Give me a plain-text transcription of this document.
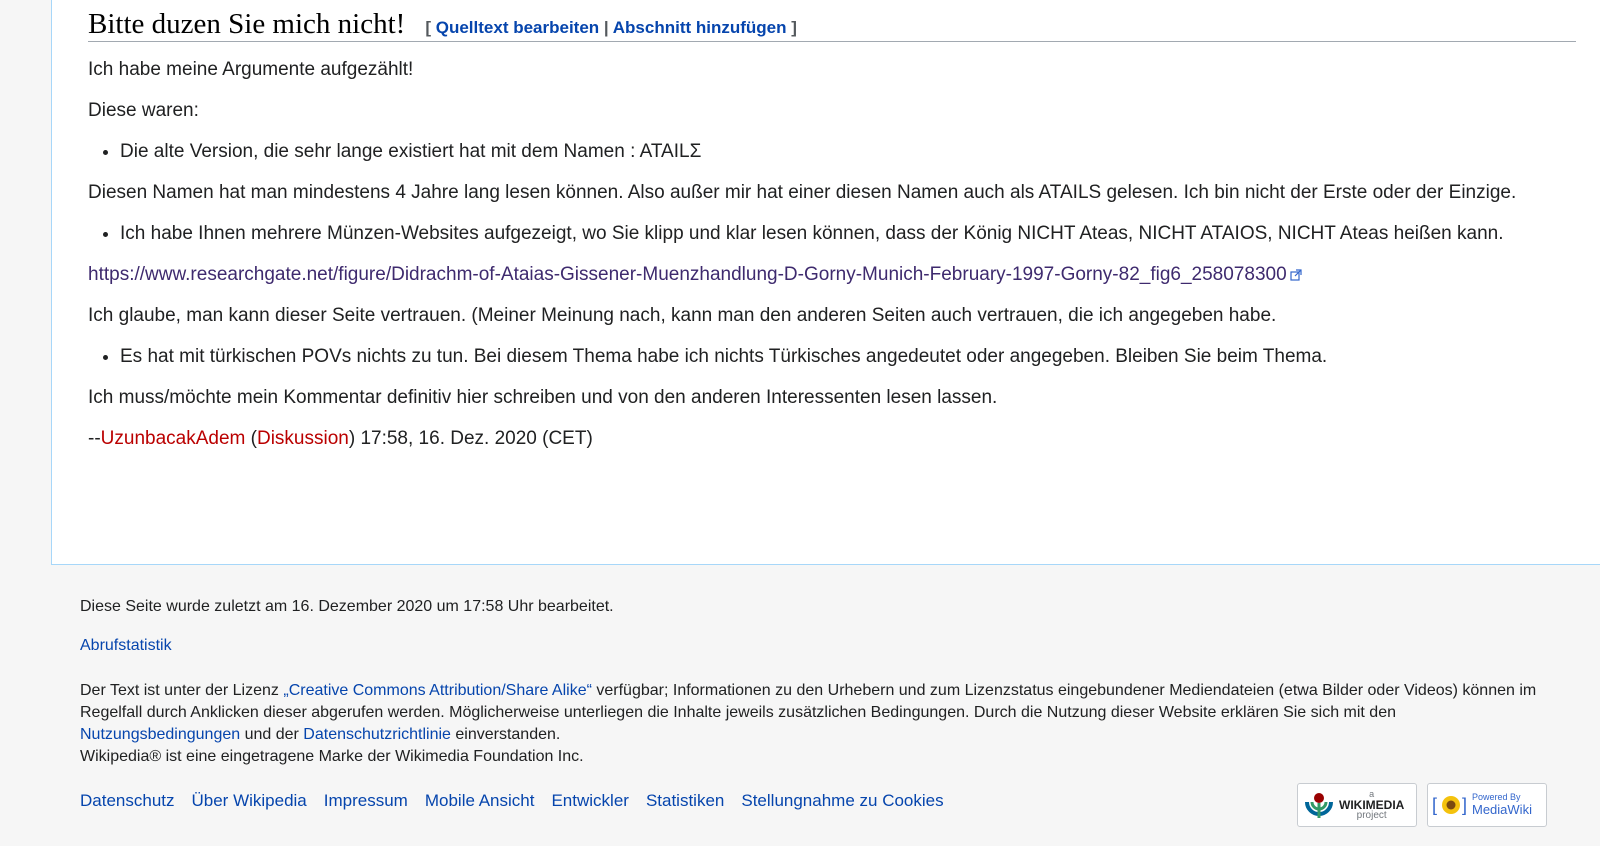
Bitte duzen Sie mich nicht! [ Quelltext bearbeiten | Abschnitt hinzufügen ]

Ich habe meine Argumente aufgezählt!

Diese waren:

• Die alte Version, die sehr lange existiert hat mit dem Namen : ATAILΣ

Diesen Namen hat man mindestens 4 Jahre lang lesen können. Also außer mir hat einer diesen Namen auch als ATAILS gelesen. Ich bin nicht der Erste oder der Einzige.

• Ich habe Ihnen mehrere Münzen-Websites aufgezeigt, wo Sie klipp und klar lesen können, dass der König NICHT Ateas, NICHT ATAIOS, NICHT Ateas heißen kann.

https://www.researchgate.net/figure/Didrachm-of-Ataias-Gissener-Muenzhandlung-D-Gorny-Munich-February-1997-Gorny-82_fig6_258078300

Ich glaube, man kann dieser Seite vertrauen. (Meiner Meinung nach, kann man den anderen Seiten auch vertrauen, die ich angegeben habe.

• Es hat mit türkischen POVs nichts zu tun. Bei diesem Thema habe ich nichts Türkisches angedeutet oder angegeben. Bleiben Sie beim Thema.

Ich muss/möchte mein Kommentar definitiv hier schreiben und von den anderen Interessenten lesen lassen.

--UzunbacakAdem (Diskussion) 17:58, 16. Dez. 2020 (CET)

Diese Seite wurde zuletzt am 16. Dezember 2020 um 17:58 Uhr bearbeitet.

Abrufstatistik

Der Text ist unter der Lizenz „Creative Commons Attribution/Share Alike“ verfügbar; Informationen zu den Urhebern und zum Lizenzstatus eingebundener Mediendateien (etwa Bilder oder Videos) können im Regelfall durch Anklicken dieser abgerufen werden. Möglicherweise unterliegen die Inhalte jeweils zusätzlichen Bedingungen. Durch die Nutzung dieser Website erklären Sie sich mit den Nutzungsbedingungen und der Datenschutzrichtlinie einverstanden.

Wikipedia® ist eine eingetragene Marke der Wikimedia Foundation Inc.

Datenschutz Über Wikipedia Impressum Mobile Ansicht Entwickler Statistiken Stellungnahme zu Cookies	a
WIKIMEDIA
project	[ ] Powered By
MediaWiki
